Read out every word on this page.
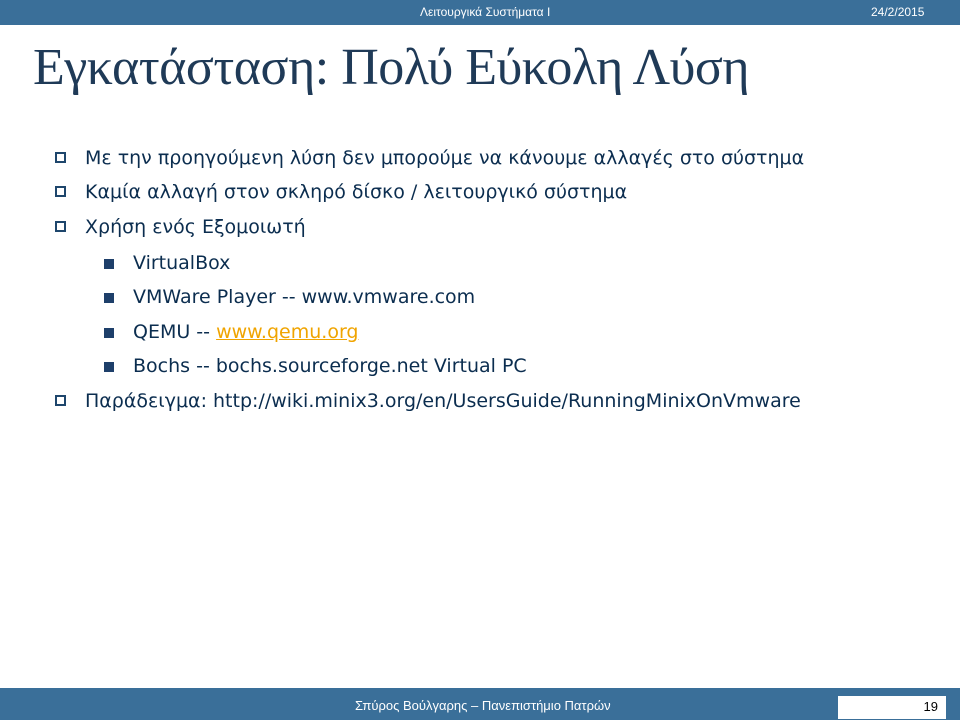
Λειτουργικά Συστήματα Ι	24/2/2015
Εγκατάσταση: Πολύ Εύκολη Λύση
Με την προηγούμενη λύση δεν μπορούμε να κάνουμε αλλαγές στο σύστημα
Καμία αλλαγή στον σκληρό δίσκο / λειτουργικό σύστημα
Χρήση ενός Εξομοιωτή
VirtualBox
VMWare Player -- www.vmware.com
QEMU -- www.qemu.org
Bochs -- bochs.sourceforge.net Virtual PC
Παράδειγμα: http://wiki.minix3.org/en/UsersGuide/RunningMinixOnVmware
Σπύρος Βούλγαρης – Πανεπιστήμιο Πατρών	19
